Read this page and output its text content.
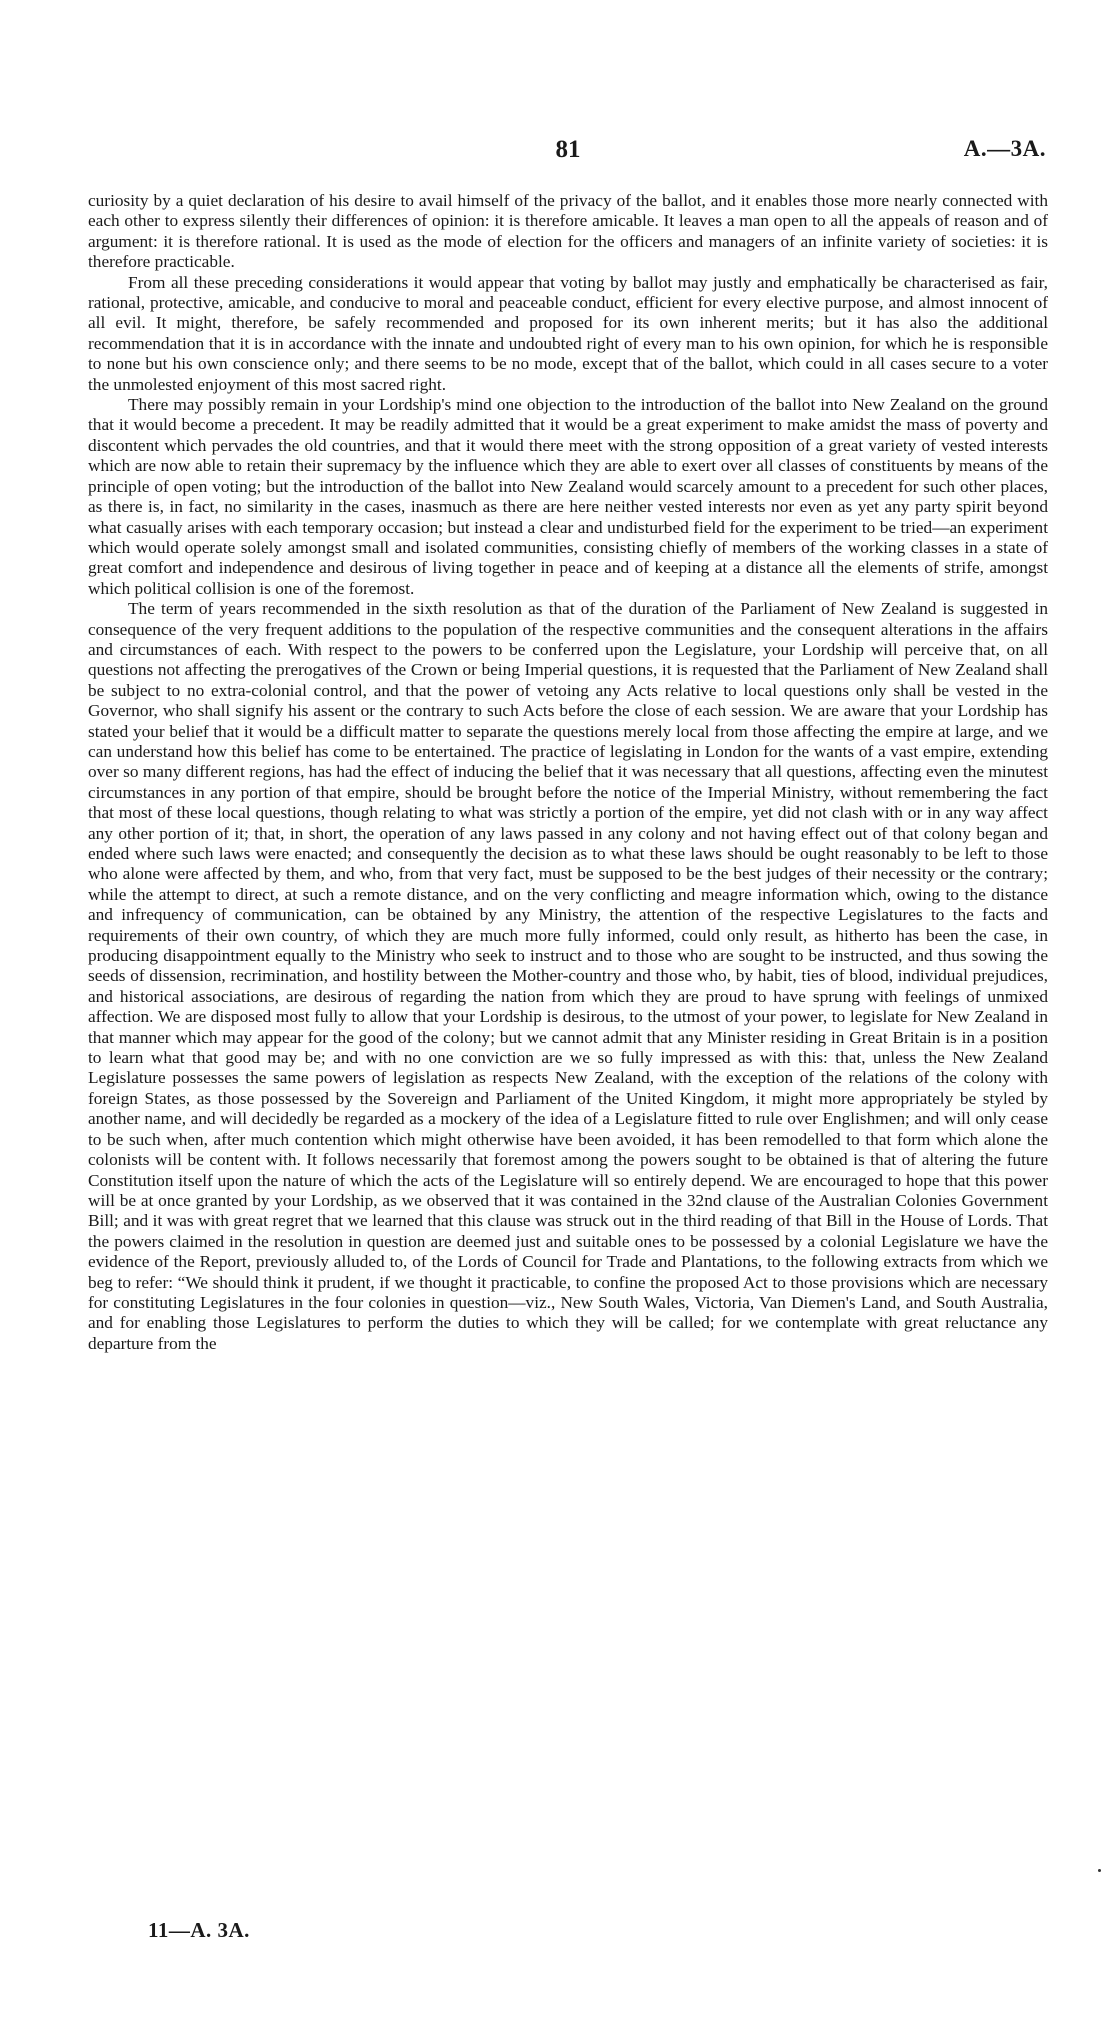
81	A.—3A.

curiosity by a quiet declaration of his desire to avail himself of the privacy of the ballot, and it enables those more nearly connected with each other to express silently their differences of opinion: it is therefore amicable. It leaves a man open to all the appeals of reason and of argument: it is therefore rational. It is used as the mode of election for the officers and managers of an infinite variety of societies: it is therefore practicable.

From all these preceding considerations it would appear that voting by ballot may justly and emphatically be characterised as fair, rational, protective, amicable, and conducive to moral and peaceable conduct, efficient for every elective purpose, and almost innocent of all evil. It might, therefore, be safely recommended and proposed for its own inherent merits; but it has also the additional recommendation that it is in accordance with the innate and undoubted right of every man to his own opinion, for which he is responsible to none but his own conscience only; and there seems to be no mode, except that of the ballot, which could in all cases secure to a voter the unmolested enjoyment of this most sacred right.

There may possibly remain in your Lordship's mind one objection to the introduction of the ballot into New Zealand on the ground that it would become a precedent. It may be readily admitted that it would be a great experiment to make amidst the mass of poverty and discontent which pervades the old countries, and that it would there meet with the strong opposition of a great variety of vested interests which are now able to retain their supremacy by the influence which they are able to exert over all classes of constituents by means of the principle of open voting; but the introduction of the ballot into New Zealand would scarcely amount to a precedent for such other places, as there is, in fact, no similarity in the cases, inasmuch as there are here neither vested interests nor even as yet any party spirit beyond what casually arises with each temporary occasion; but instead a clear and undisturbed field for the experiment to be tried—an experiment which would operate solely amongst small and isolated communities, consisting chiefly of members of the working classes in a state of great comfort and independence and desirous of living together in peace and of keeping at a distance all the elements of strife, amongst which political collision is one of the foremost.

The term of years recommended in the sixth resolution as that of the duration of the Parliament of New Zealand is suggested in consequence of the very frequent additions to the population of the respective communities and the consequent alterations in the affairs and circumstances of each. With respect to the powers to be conferred upon the Legislature, your Lordship will perceive that, on all questions not affecting the prerogatives of the Crown or being Imperial questions, it is requested that the Parliament of New Zealand shall be subject to no extra-colonial control, and that the power of vetoing any Acts relative to local questions only shall be vested in the Governor, who shall signify his assent or the contrary to such Acts before the close of each session. We are aware that your Lordship has stated your belief that it would be a difficult matter to separate the questions merely local from those affecting the empire at large, and we can understand how this belief has come to be entertained. The practice of legislating in London for the wants of a vast empire, extending over so many different regions, has had the effect of inducing the belief that it was necessary that all questions, affecting even the minutest circumstances in any portion of that empire, should be brought before the notice of the Imperial Ministry, without remembering the fact that most of these local questions, though relating to what was strictly a portion of the empire, yet did not clash with or in any way affect any other portion of it; that, in short, the operation of any laws passed in any colony and not having effect out of that colony began and ended where such laws were enacted; and consequently the decision as to what these laws should be ought reasonably to be left to those who alone were affected by them, and who, from that very fact, must be supposed to be the best judges of their necessity or the contrary; while the attempt to direct, at such a remote distance, and on the very conflicting and meagre information which, owing to the distance and infrequency of communication, can be obtained by any Ministry, the attention of the respective Legislatures to the facts and requirements of their own country, of which they are much more fully informed, could only result, as hitherto has been the case, in producing disappointment equally to the Ministry who seek to instruct and to those who are sought to be instructed, and thus sowing the seeds of dissension, recrimination, and hostility between the Mother-country and those who, by habit, ties of blood, individual prejudices, and historical associations, are desirous of regarding the nation from which they are proud to have sprung with feelings of unmixed affection. We are disposed most fully to allow that your Lordship is desirous, to the utmost of your power, to legislate for New Zealand in that manner which may appear for the good of the colony; but we cannot admit that any Minister residing in Great Britain is in a position to learn what that good may be; and with no one conviction are we so fully impressed as with this: that, unless the New Zealand Legislature possesses the same powers of legislation as respects New Zealand, with the exception of the relations of the colony with foreign States, as those possessed by the Sovereign and Parliament of the United Kingdom, it might more appropriately be styled by another name, and will decidedly be regarded as a mockery of the idea of a Legislature fitted to rule over Englishmen; and will only cease to be such when, after much contention which might otherwise have been avoided, it has been remodelled to that form which alone the colonists will be content with. It follows necessarily that foremost among the powers sought to be obtained is that of altering the future Constitution itself upon the nature of which the acts of the Legislature will so entirely depend. We are encouraged to hope that this power will be at once granted by your Lordship, as we observed that it was contained in the 32nd clause of the Australian Colonies Government Bill; and it was with great regret that we learned that this clause was struck out in the third reading of that Bill in the House of Lords. That the powers claimed in the resolution in question are deemed just and suitable ones to be possessed by a colonial Legislature we have the evidence of the Report, previously alluded to, of the Lords of Council for Trade and Plantations, to the following extracts from which we beg to refer: “We should think it prudent, if we thought it practicable, to confine the proposed Act to those provisions which are necessary for constituting Legislatures in the four colonies in question—viz., New South Wales, Victoria, Van Diemen's Land, and South Australia, and for enabling those Legislatures to perform the duties to which they will be called; for we contemplate with great reluctance any departure from the

11—A. 3A.
